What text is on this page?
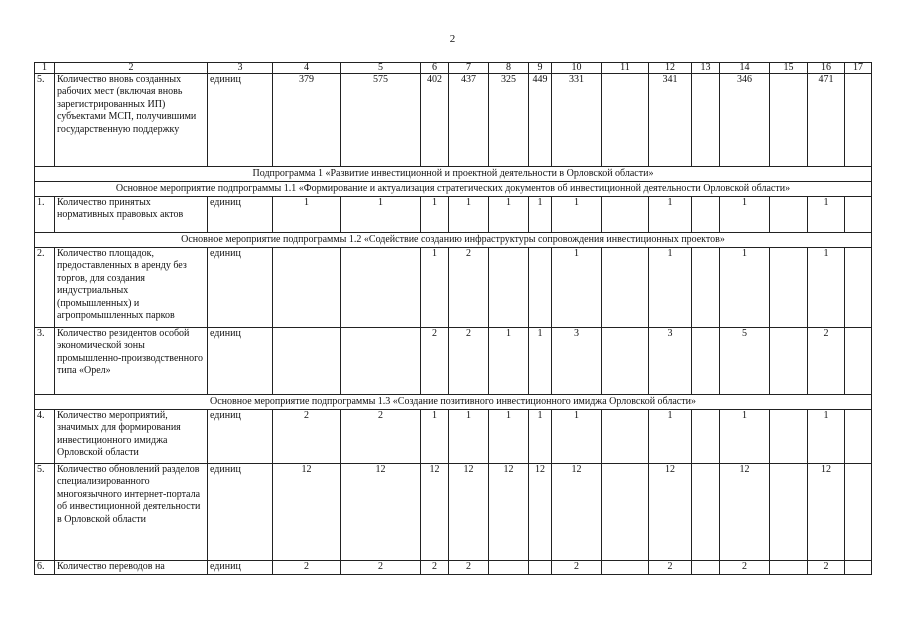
2
1	2	3	4	5	6	7	8	9	10	11	12	13	14	15	16	17
5.	Количество вновь созданных рабочих мест (включая вновь зарегистрированных ИП) субъектами МСП, получившими государственную поддержку	единиц	379	575	402	437	325	449	331		341		346		471	
Подпрограмма 1 «Развитие инвестиционной и проектной деятельности в Орловской области»																
Основное мероприятие подпрограммы 1.1 «Формирование и актуализация стратегических документов об инвестиционной деятельности Орловской области»																
1.	Количество принятых нормативных правовых актов	единиц	1	1	1	1	1	1	1		1		1		1	
Основное мероприятие подпрограммы 1.2 «Содействие созданию инфраструктуры сопровождения инвестиционных проектов»																
2.	Количество площадок, предоставленных в аренду без торгов, для создания индустриальных (промышленных) и агропромышленных парков	единиц			1	2			1		1		1		1	
3.	Количество резидентов особой экономической зоны промышленно-производственного типа «Орел»	единиц			2	2	1	1	3		3		5		2	
Основное мероприятие подпрограммы 1.3 «Создание позитивного инвестиционного имиджа Орловской области»																
4.	Количество мероприятий, значимых для формирования инвестиционного имиджа Орловской области	единиц	2	2	1	1	1	1	1		1		1		1	
5.	Количество обновлений разделов специализированного многоязычного интернет-портала об инвестиционной деятельности в Орловской области	единиц	12	12	12	12	12	12	12		12		12		12	
6.	Количество переводов на	единиц	2	2	2	2			2		2		2		2	
